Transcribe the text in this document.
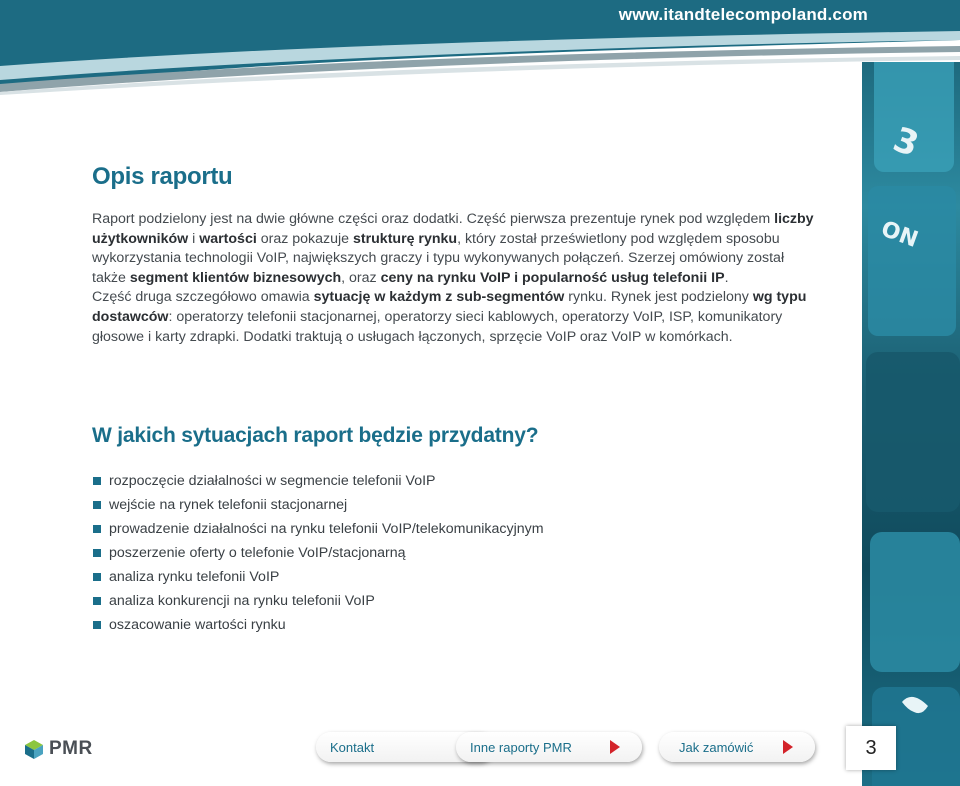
www.itandtelecompoland.com
3
ON
Opis raportu
Raport podzielony jest na dwie główne części oraz dodatki. Część pierwsza prezentuje rynek pod względem liczby użytkowników i wartości oraz pokazuje strukturę rynku, który został prześwietlony pod względem sposobu wykorzystania technologii VoIP, największych graczy i typu wykonywanych połączeń. Szerzej omówiony został także segment klientów biznesowych, oraz ceny na rynku VoIP i popularność usług telefonii IP.
Część druga szczegółowo omawia sytuację w każdym z sub-segmentów rynku. Rynek jest podzielony wg typu dostawców: operatorzy telefonii stacjonarnej, operatorzy sieci kablowych, operatorzy VoIP, ISP, komunikatory głosowe i karty zdrapki. Dodatki traktują o usługach łączonych, sprzęcie VoIP oraz VoIP w komórkach.
W jakich sytuacjach raport będzie przydatny?
rozpoczęcie działalności w segmencie telefonii VoIP
wejście na rynek telefonii stacjonarnej
prowadzenie działalności na rynku telefonii VoIP/telekomunikacyjnym
poszerzenie oferty o telefonie VoIP/stacjonarną
analiza rynku telefonii VoIP
analiza konkurencji na rynku telefonii VoIP
oszacowanie wartości rynku
PMR	Kontakt	Inne raporty PMR	Jak zamówić	3
